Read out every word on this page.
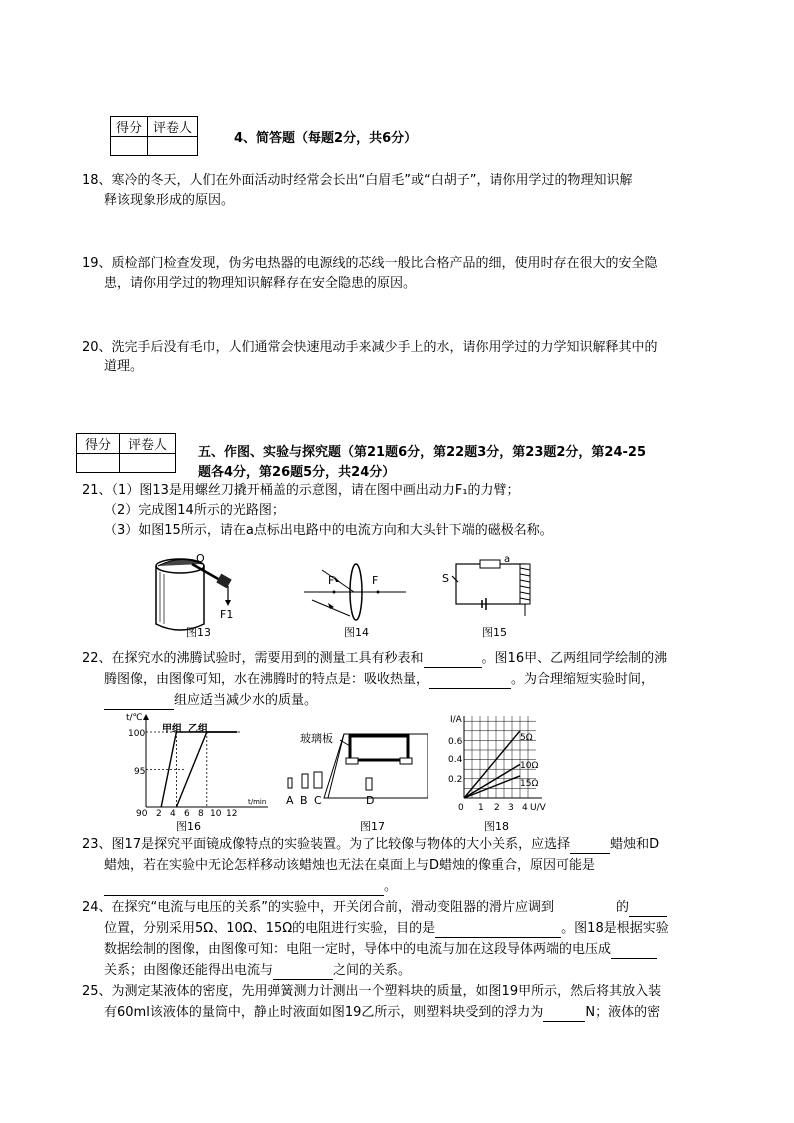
得分	评卷人

4、简答题（每题2分，共6分）
18、寒冷的冬天，人们在外面活动时经常会长出“白眉毛”或“白胡子”，请你用学过的物理知识解
释该现象形成的原因。
19、质检部门检查发现，伪劣电热器的电源线的芯线一般比合格产品的细，使用时存在很大的安全隐
患，请你用学过的物理知识解释存在安全隐患的原因。
20、洗完手后没有毛巾，人们通常会快速甩动手来减少手上的水，请你用学过的力学知识解释其中的
道理。
得分	评卷人
	五、作图、实验与探究题（第21题6分，第22题3分，第23题2分，第24-25
题各4分，第26题5分，共24分）
21、（1）图13是用螺丝刀撬开桶盖的示意图，请在图中画出动力F₁的力臂；
（2）完成图14所示的光路图；
（3）如图15所示，请在a点标出电路中的电流方向和大头针下端的磁极名称。
O
F1
图13
F	F
图14
S
a
图15
22、在探究水的沸腾试验时，需要用到的测量工具有秒表和	。图16甲、乙两组同学绘制的沸
腾图像，由图像可知，水在沸腾时的特点是：吸收热量，	。为合理缩短实验时间，
组应适当减少水的质量。
t/℃
t/min
100
95
90 2 4 6 8 10 12
甲组 乙组
图16
玻璃板
A B C	D
图17
I/A
U/V
0.6
0.4
0.2
0 1 2 3 4
5Ω
10Ω
15Ω
图18
23、图17是探究平面镜成像特点的实验装置。为了比较像与物体的大小关系，应选择	蜡烛和D
蜡烛，若在实验中无论怎样移动该蜡烛也无法在桌面上与D蜡烛的像重合，原因可能是
。
24、在探究“电流与电压的关系”的实验中，开关闭合前，滑动变阻器的滑片应调到	的
位置，分别采用5Ω、10Ω、15Ω的电阻进行实验，目的是	。图18是根据实验
数据绘制的图像，由图像可知：电阻一定时，导体中的电流与加在这段导体两端的电压成
关系；由图像还能得出电流与	之间的关系。
25、为测定某液体的密度，先用弹簧测力计测出一个塑料块的质量，如图19甲所示，然后将其放入装
有60ml该液体的量筒中，静止时液面如图19乙所示，则塑料块受到的浮力为	N；液体的密
